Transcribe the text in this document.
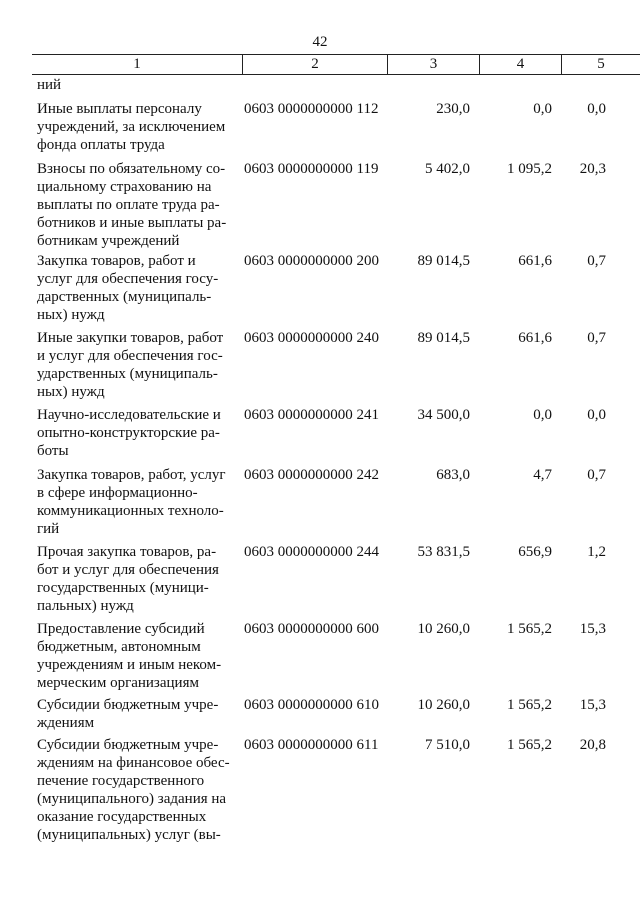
42
1	2	3	4	5
ний
Иные выплаты персоналу
учреждений, за исключением
фонда оплаты труда
0603 0000000000 112	230,0	0,0	0,0
Взносы по обязательному со-
циальному страхованию на
выплаты по оплате труда ра-
ботников и иные выплаты ра-
ботникам учреждений
0603 0000000000 119	5 402,0	1 095,2	20,3
Закупка товаров, работ и
услуг для обеспечения госу-
дарственных (муниципаль-
ных) нужд
0603 0000000000 200	89 014,5	661,6	0,7
Иные закупки товаров, работ
и услуг для обеспечения гос-
ударственных (муниципаль-
ных) нужд
0603 0000000000 240	89 014,5	661,6	0,7
Научно-исследовательские и
опытно-конструкторские ра-
боты
0603 0000000000 241	34 500,0	0,0	0,0
Закупка товаров, работ, услуг
в сфере информационно-
коммуникационных техноло-
гий
0603 0000000000 242	683,0	4,7	0,7
Прочая закупка товаров, ра-
бот и услуг для обеспечения
государственных (муници-
пальных) нужд
0603 0000000000 244	53 831,5	656,9	1,2
Предоставление субсидий
бюджетным, автономным
учреждениям и иным неком-
мерческим организациям
0603 0000000000 600	10 260,0	1 565,2	15,3
Субсидии бюджетным учре-
ждениям
0603 0000000000 610	10 260,0	1 565,2	15,3
Субсидии бюджетным учре-
ждениям на финансовое обес-
печение государственного
(муниципального) задания на
оказание государственных
(муниципальных) услуг (вы-
0603 0000000000 611	7 510,0	1 565,2	20,8
